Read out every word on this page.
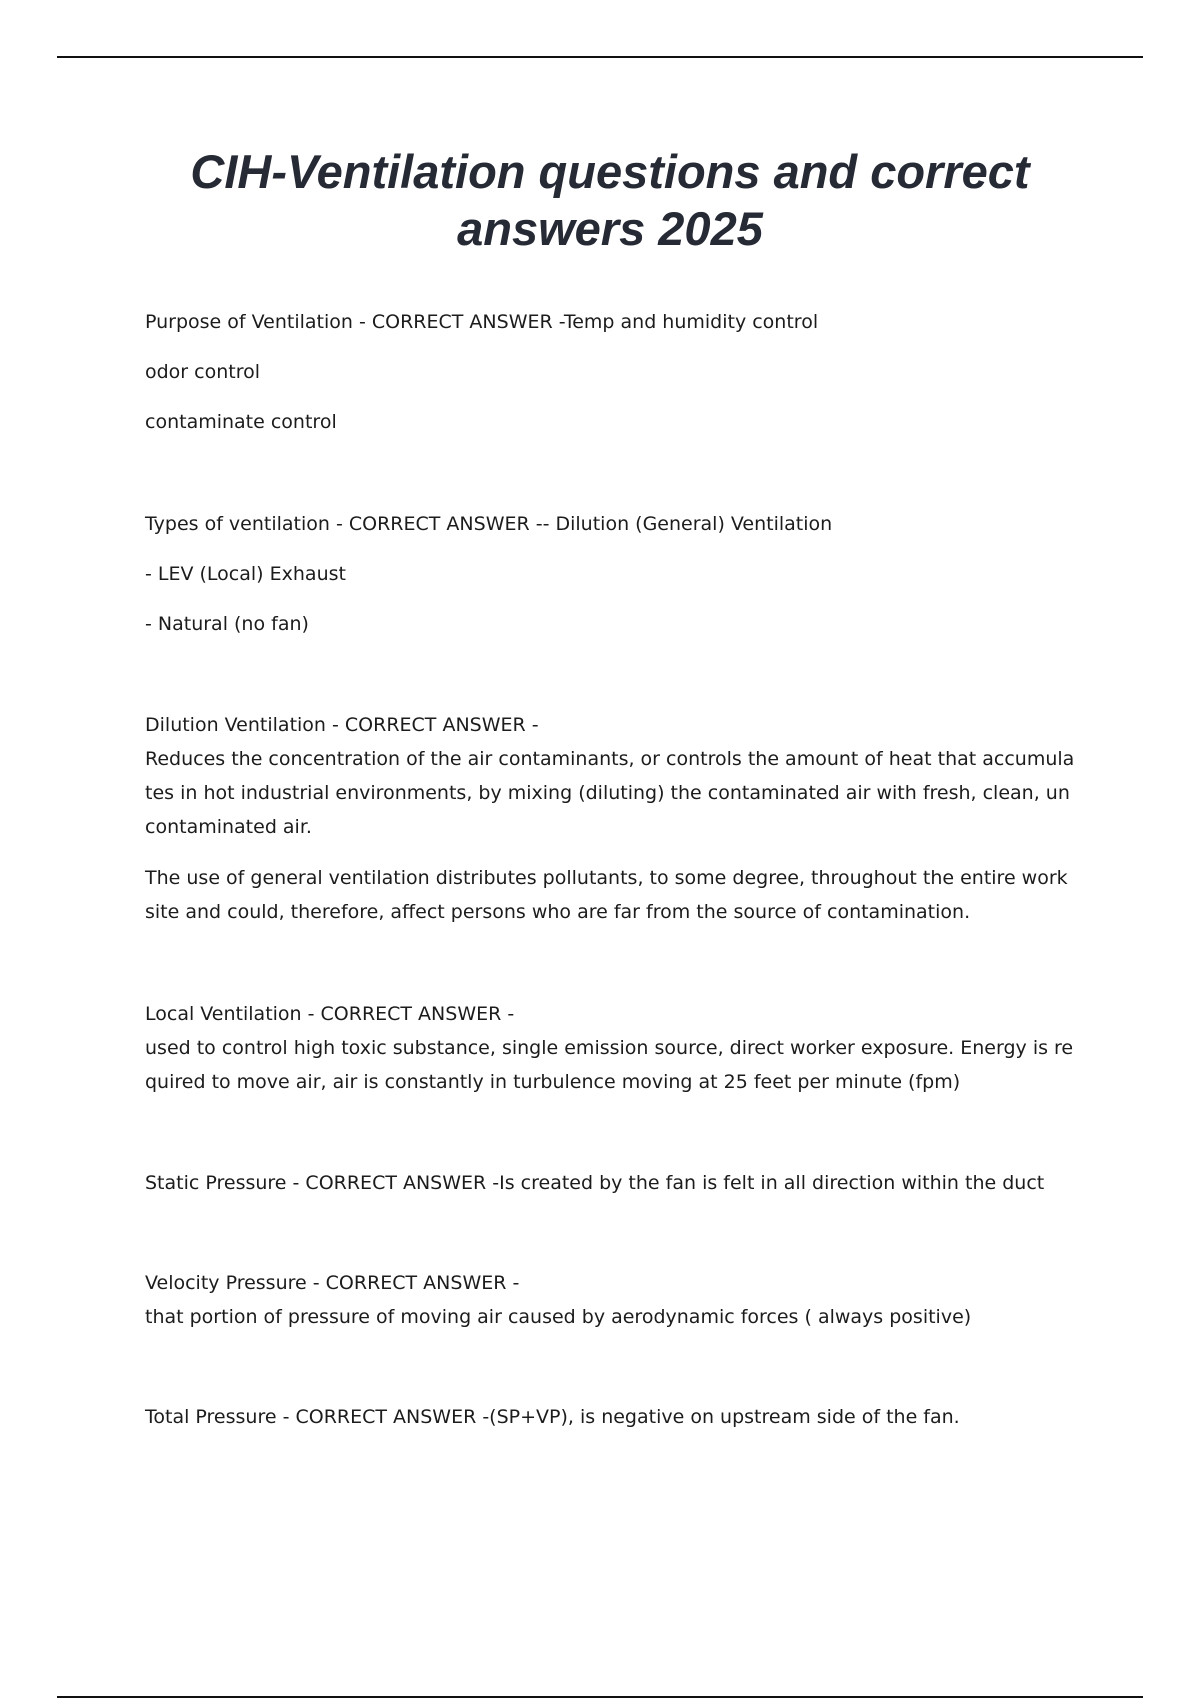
CIH-Ventilation questions and correct
answers 2025
Purpose of Ventilation - CORRECT ANSWER -Temp and humidity control
odor control
contaminate control
Types of ventilation - CORRECT ANSWER -- Dilution (General) Ventilation
- LEV (Local) Exhaust
- Natural (no fan)
Dilution Ventilation - CORRECT ANSWER -
Reduces the concentration of the air contaminants, or controls the amount of heat that accumula
tes in hot industrial environments, by mixing (diluting) the contaminated air with fresh, clean, un
contaminated air.
The use of general ventilation distributes pollutants, to some degree, throughout the entire work
site and could, therefore, affect persons who are far from the source of contamination.
Local Ventilation - CORRECT ANSWER -
used to control high toxic substance, single emission source, direct worker exposure. Energy is re
quired to move air, air is constantly in turbulence moving at 25 feet per minute (fpm)
Static Pressure - CORRECT ANSWER -Is created by the fan is felt in all direction within the duct
Velocity Pressure - CORRECT ANSWER -
that portion of pressure of moving air caused by aerodynamic forces ( always positive)
Total Pressure - CORRECT ANSWER -(SP+VP), is negative on upstream side of the fan.
